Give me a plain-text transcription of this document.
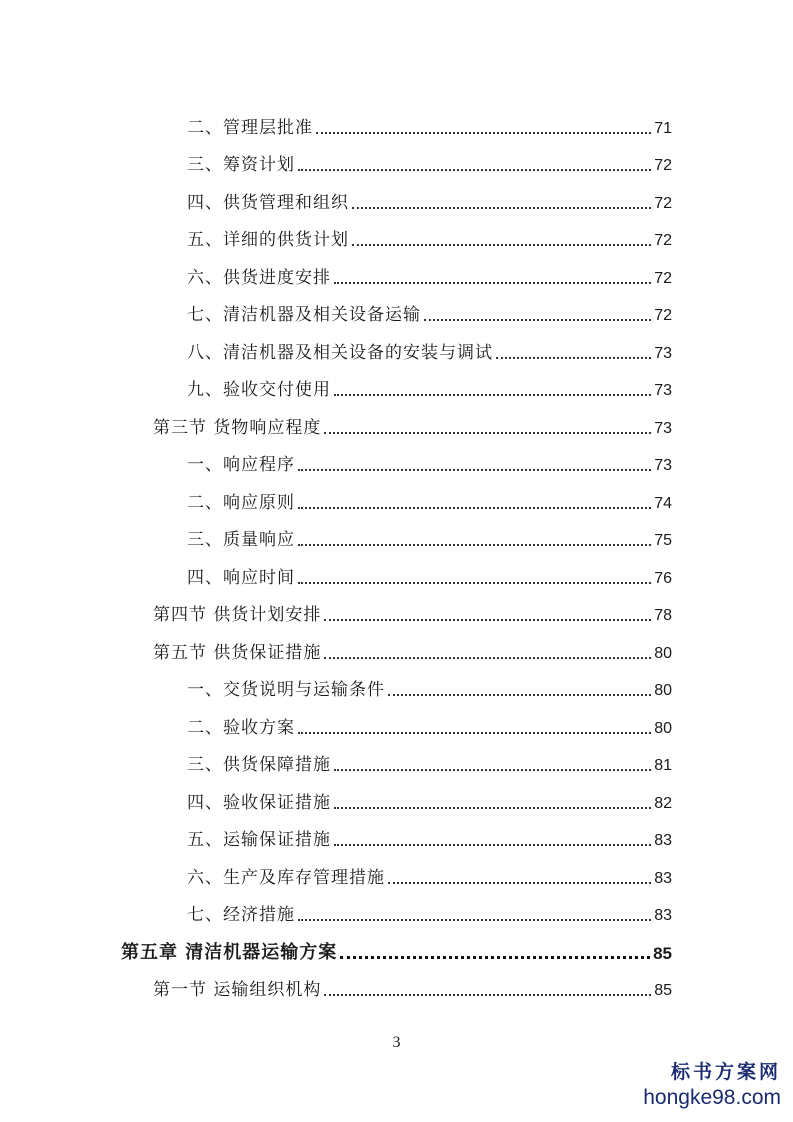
二、管理层批准	71
三、筹资计划	72
四、供货管理和组织	72
五、详细的供货计划	72
六、供货进度安排	72
七、清洁机器及相关设备运输	72
八、清洁机器及相关设备的安装与调试	73
九、验收交付使用	73
第三节 货物响应程度	73
一、响应程序	73
二、响应原则	74
三、质量响应	75
四、响应时间	76
第四节 供货计划安排	78
第五节 供货保证措施	80
一、交货说明与运输条件	80
二、验收方案	80
三、供货保障措施	81
四、验收保证措施	82
五、运输保证措施	83
六、生产及库存管理措施	83
七、经济措施	83
第五章 清洁机器运输方案	85
第一节 运输组织机构	85
3
标书方案网
hongke98.com
